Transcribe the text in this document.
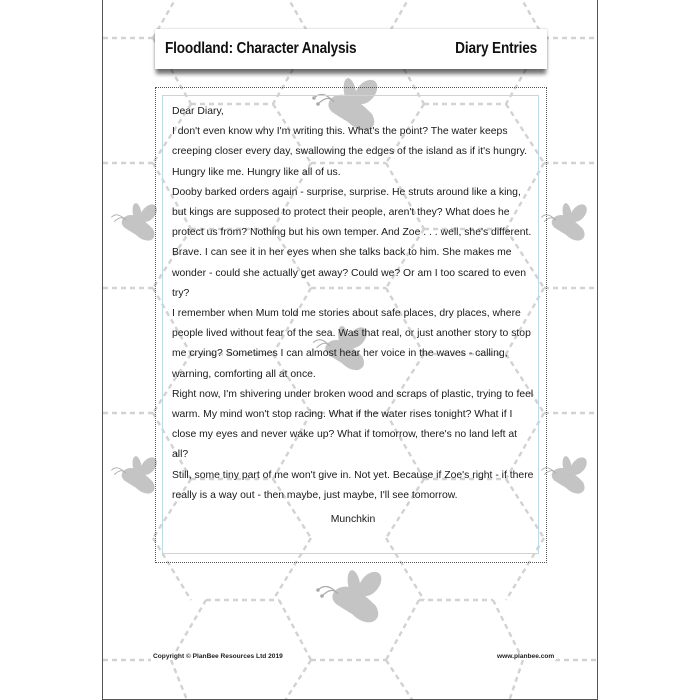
Floodland: Character Analysis	Diary Entries

Dear Diary,

I don't even know why I'm writing this. What's the point? The water keeps creeping closer every day, swallowing the edges of the island as if it's hungry. Hungry like me. Hungry like all of us.

Dooby barked orders again - surprise, surprise. He struts around like a king, but kings are supposed to protect their people, aren't they? What does he protect us from? Nothing but his own temper. And Zoe . . . well, she's different. Brave. I can see it in her eyes when she talks back to him. She makes me wonder - could she actually get away? Could we? Or am I too scared to even try?

I remember when Mum told me stories about safe places, dry places, where people lived without fear of the sea. Was that real, or just another story to stop me crying? Sometimes I can almost hear her voice in the waves - calling, warning, comforting all at once.

Right now, I'm shivering under broken wood and scraps of plastic, trying to feel warm. My mind won't stop racing. What if the water rises tonight? What if I close my eyes and never wake up? What if tomorrow, there's no land left at all?

Still, some tiny part of me won't give in. Not yet. Because if Zoe's right - if there really is a way out - then maybe, just maybe, I'll see tomorrow.

Munchkin

Copyright © PlanBee Resources Ltd 2019	www.planbee.com
